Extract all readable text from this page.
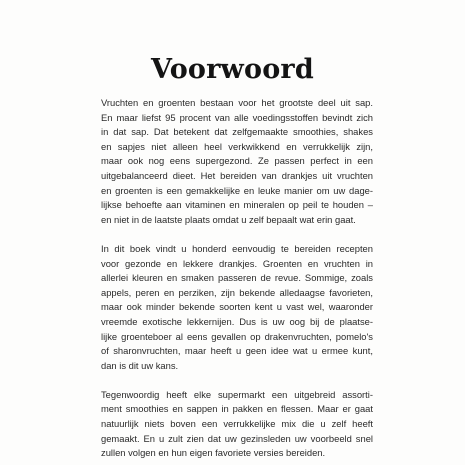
Voorwoord

Vruchten en groenten bestaan voor het grootste deel uit sap.
En maar liefst 95 procent van alle voedingsstoffen bevindt zich
in dat sap. Dat betekent dat zelfgemaakte smoothies, shakes
en sapjes niet alleen heel verkwikkend en verrukkelijk zijn,
maar ook nog eens supergezond. Ze passen perfect in een
uitgebalanceerd dieet. Het bereiden van drankjes uit vruchten
en groenten is een gemakkelijke en leuke manier om uw dage-
lijkse behoefte aan vitaminen en mineralen op peil te houden –
en niet in de laatste plaats omdat u zelf bepaalt wat erin gaat.

In dit boek vindt u honderd eenvoudig te bereiden recepten
voor gezonde en lekkere drankjes. Groenten en vruchten in
allerlei kleuren en smaken passeren de revue. Sommige, zoals
appels, peren en perziken, zijn bekende alledaagse favorieten,
maar ook minder bekende soorten kent u vast wel, waaronder
vreemde exotische lekkernijen. Dus is uw oog bij de plaatse-
lijke groenteboer al eens gevallen op drakenvruchten, pomelo's
of sharonvruchten, maar heeft u geen idee wat u ermee kunt,
dan is dit uw kans.

Tegenwoordig heeft elke supermarkt een uitgebreid assorti-
ment smoothies en sappen in pakken en flessen. Maar er gaat
natuurlijk niets boven een verrukkelijke mix die u zelf heeft
gemaakt. En u zult zien dat uw gezinsleden uw voorbeeld snel
zullen volgen en hun eigen favoriete versies bereiden.
